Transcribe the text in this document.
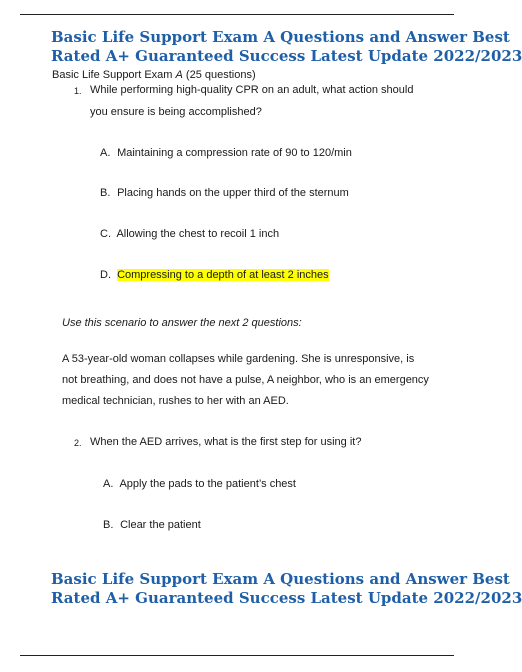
Basic Life Support Exam A Questions and Answer Best
Rated A+ Guaranteed Success Latest Update 2022/2023
Basic Life Support Exam A (25 questions)
1. While performing high-quality CPR on an adult, what action should
you ensure is being accomplished?
A. Maintaining a compression rate of 90 to 120/min
B. Placing hands on the upper third of the sternum
C. Allowing the chest to recoil 1 inch
D. Compressing to a depth of at least 2 inches
Use this scenario to answer the next 2 questions:
A 53-year-old woman collapses while gardening. She is unresponsive, is not breathing, and does not have a pulse, A neighbor, who is an emergency medical technician, rushes to her with an AED.
2. When the AED arrives, what is the first step for using it?
A. Apply the pads to the patient’s chest
B. Clear the patient
Basic Life Support Exam A Questions and Answer Best
Rated A+ Guaranteed Success Latest Update 2022/2023
